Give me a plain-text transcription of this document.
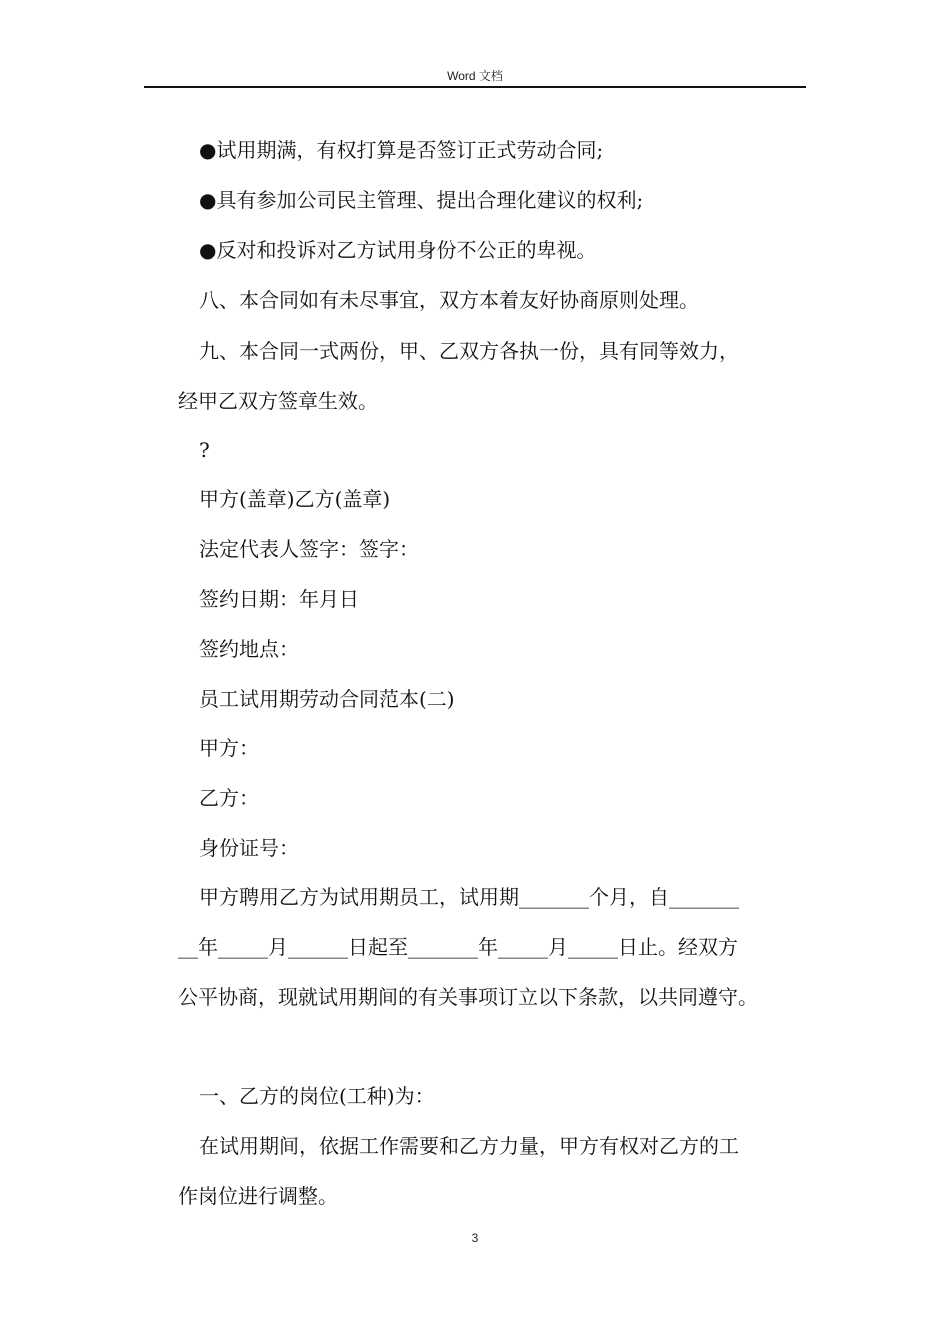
Word 文档
●试用期满，有权打算是否签订正式劳动合同;
●具有参加公司民主管理、提出合理化建议的权利;
●反对和投诉对乙方试用身份不公正的卑视。
八、本合同如有未尽事宜，双方本着友好协商原则处理。
九、本合同一式两份，甲、乙双方各执一份，具有同等效力，
经甲乙双方签章生效。
?
甲方(盖章)乙方(盖章)
法定代表人签字：签字：
签约日期：年月日
签约地点：
员工试用期劳动合同范本(二)
甲方：
乙方：
身份证号：
甲方聘用乙方为试用期员工，试用期_______个月，自_______
__年_____月______日起至_______年_____月_____日止。经双方
公平协商，现就试用期间的有关事项订立以下条款，以共同遵守。
一、乙方的岗位(工种)为：
在试用期间，依据工作需要和乙方力量，甲方有权对乙方的工
作岗位进行调整。
3
